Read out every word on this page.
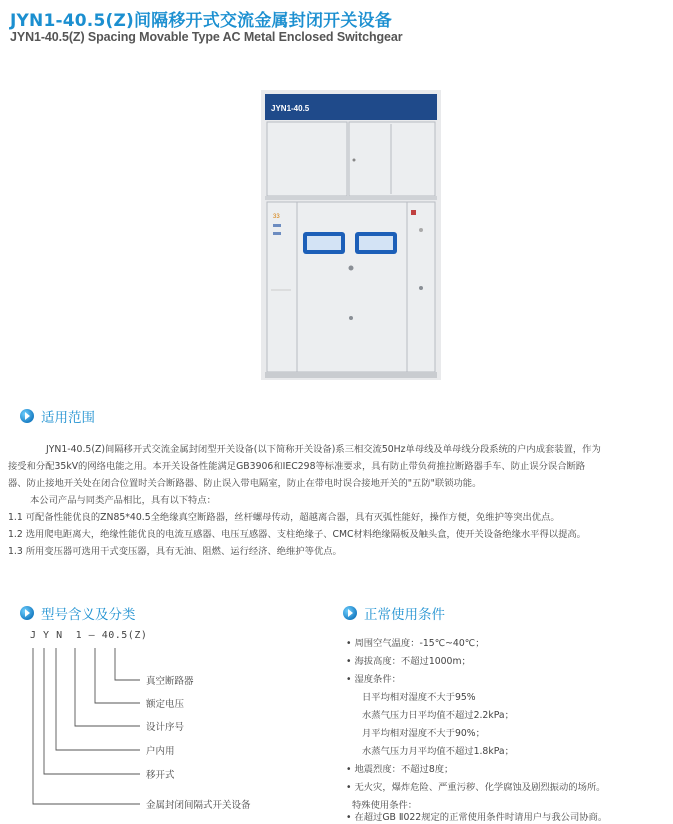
JYN1-40.5(Z)间隔移开式交流金属封闭开关设备
JYN1-40.5(Z) Spacing Movable Type AC Metal Enclosed Switchgear
JYN1-40.5
33
适用范围
JYN1-40.5(Z)间隔移开式交流金属封闭型开关设备(以下简称开关设备)系三相交流50Hz单母线及单母线分段系统的户内成套装置，作为
接受和分配35kV的网络电能之用。本开关设备性能满足GB3906和IEC298等标准要求，具有防止带负荷推拉断路器手车、防止误分误合断路
器、防止接地开关处在闭合位置时关合断路器、防止误入带电隔室，防止在带电时误合接地开关的"五防"联锁功能。
本公司产品与同类产品相比，具有以下特点：
1.1 可配备性能优良的ZN85*40.5全绝缘真空断路器，丝杆螺母传动，超越离合器，具有灭弧性能好，操作方便，免维护等突出优点。
1.2 选用爬电距离大，绝缘性能优良的电流互感器、电压互感器、支柱绝缘子、CMC材料绝缘隔板及触头盒，使开关设备绝缘水平得以提高。
1.3 所用变压器可选用干式变压器，具有无油、阻燃、运行经济、绝维护等优点。
型号含义及分类
J Y N  1 – 40.5(Z)
真空断路器
额定电压
设计序号
户内用
移开式
金属封闭间隔式开关设备
正常使用条件
• 周围空气温度：-15℃~40℃；
• 海拔高度：不超过1000m；
• 湿度条件：
日平均相对湿度不大于95%
水蒸气压力日平均值不超过2.2kPa；
月平均相对湿度不大于90%；
水蒸气压力月平均值不超过1.8kPa；
• 地震烈度：不超过8度；
• 无火灾，爆炸危险、严重污秽、化学腐蚀及剧烈振动的场所。
特殊使用条件：
• 在超过GB Ⅱ022规定的正常使用条件时请用户与我公司协商。
